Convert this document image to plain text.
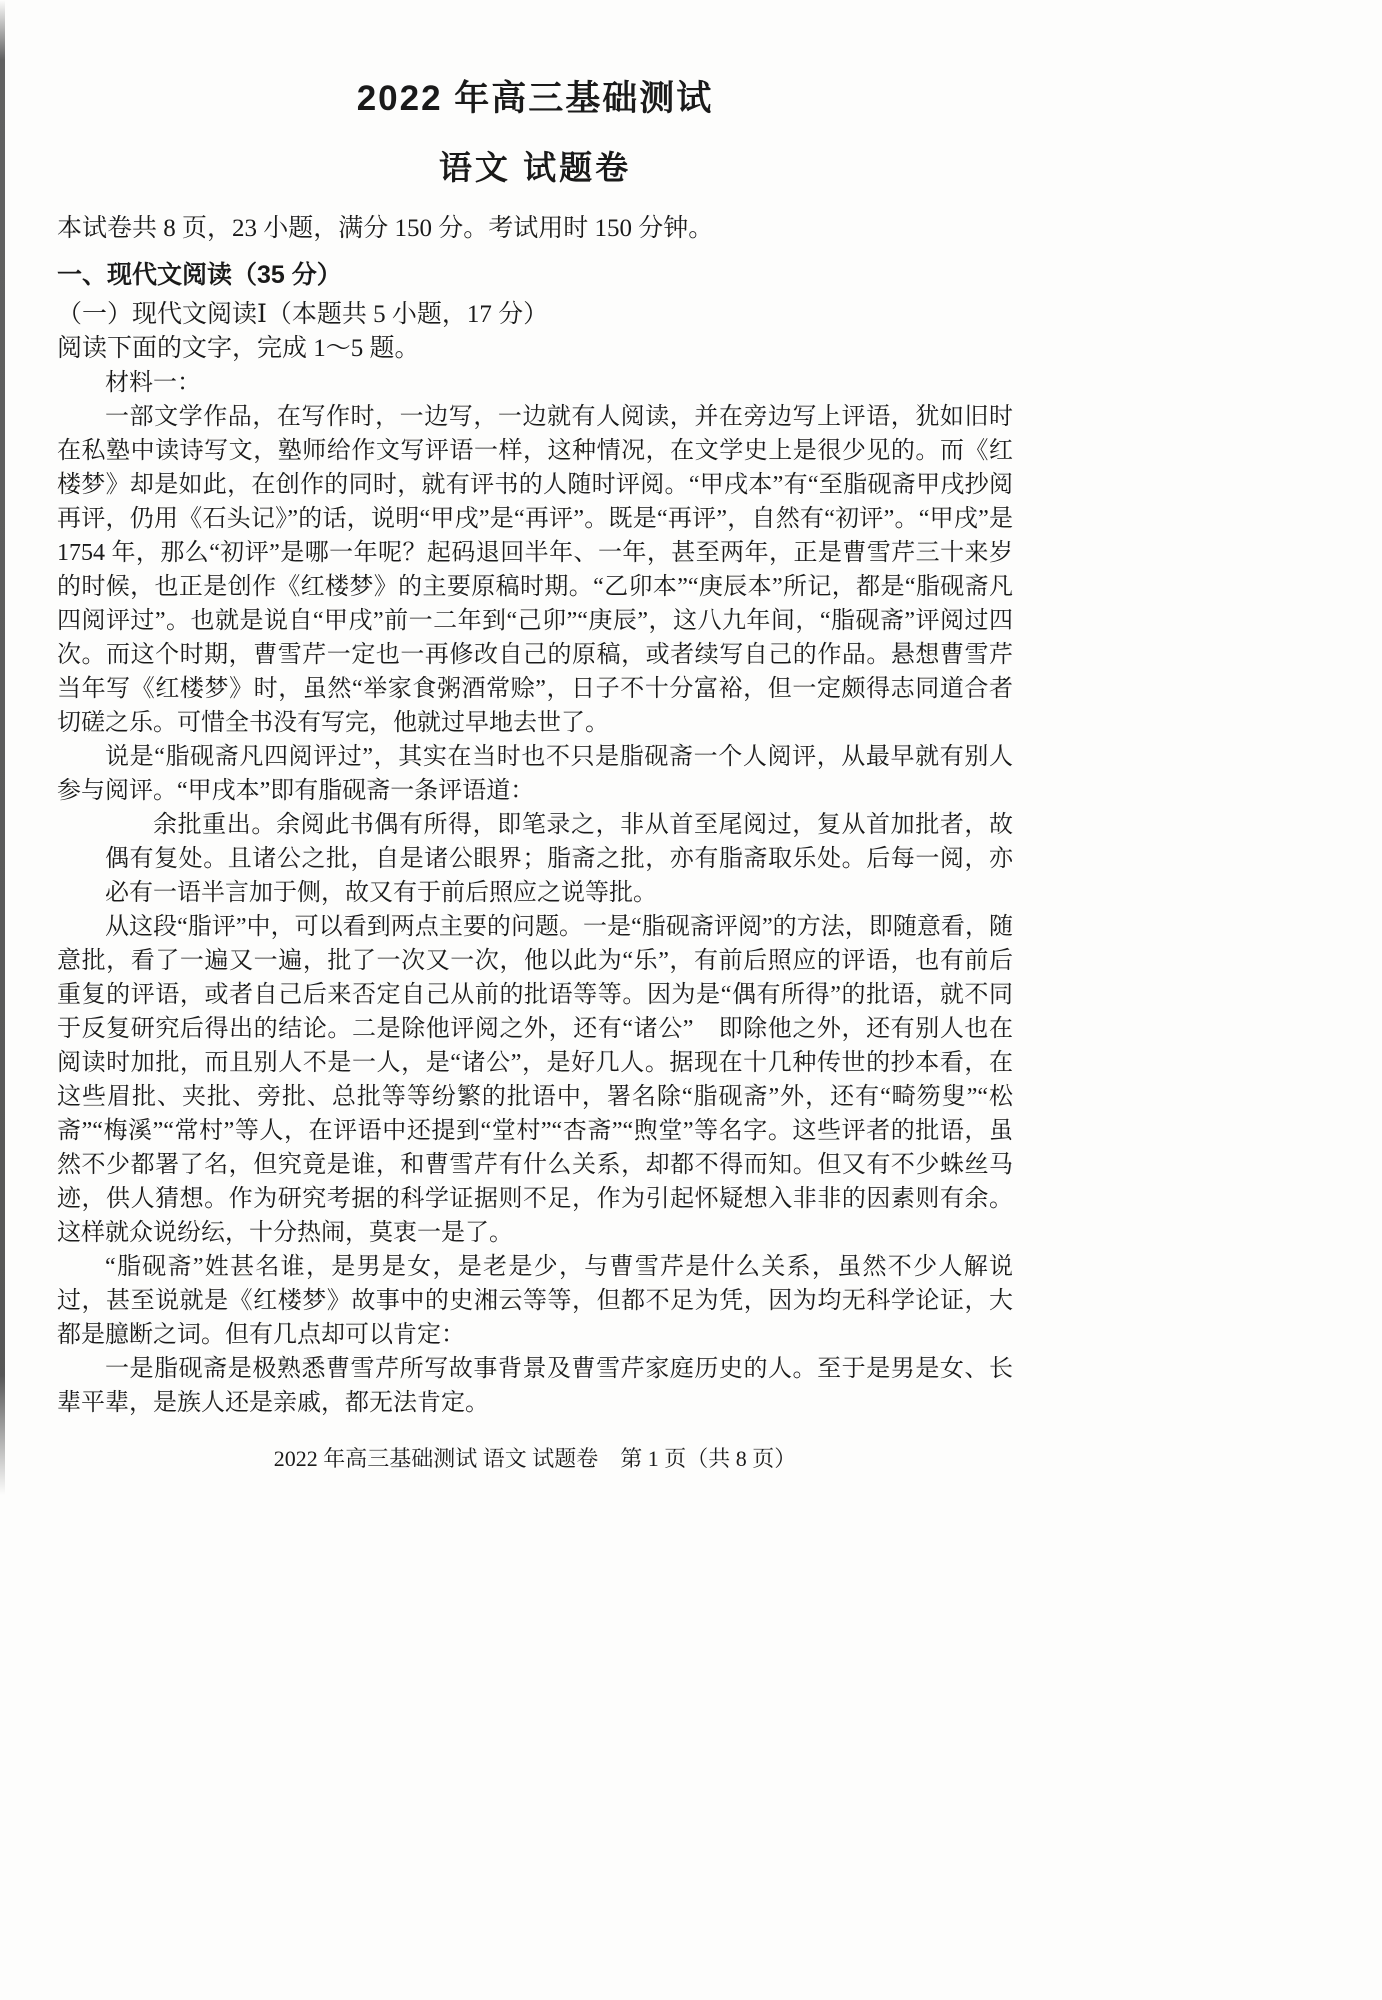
2022 年高三基础测试
语文 试题卷

本试卷共 8 页，23 小题，满分 150 分。考试用时 150 分钟。

一、现代文阅读（35 分）

（一）现代文阅读Ⅰ（本题共 5 小题，17 分）

阅读下面的文字，完成 1～5 题。

材料一：

一部文学作品，在写作时，一边写，一边就有人阅读，并在旁边写上评语，犹如旧时在私塾中读诗写文，塾师给作文写评语一样，这种情况，在文学史上是很少见的。而《红楼梦》却是如此，在创作的同时，就有评书的人随时评阅。“甲戌本”有“至脂砚斋甲戌抄阅再评，仍用《石头记》”的话，说明“甲戌”是“再评”。既是“再评”，自然有“初评”。“甲戌”是 1754 年，那么“初评”是哪一年呢？起码退回半年、一年，甚至两年，正是曹雪芹三十来岁的时候，也正是创作《红楼梦》的主要原稿时期。“乙卯本”“庚辰本”所记，都是“脂砚斋凡四阅评过”。也就是说自“甲戌”前一二年到“己卯”“庚辰”，这八九年间，“脂砚斋”评阅过四次。而这个时期，曹雪芹一定也一再修改自己的原稿，或者续写自己的作品。悬想曹雪芹当年写《红楼梦》时，虽然“举家食粥酒常赊”，日子不十分富裕，但一定颇得志同道合者切磋之乐。可惜全书没有写完，他就过早地去世了。

说是“脂砚斋凡四阅评过”，其实在当时也不只是脂砚斋一个人阅评，从最早就有别人参与阅评。“甲戌本”即有脂砚斋一条评语道：

余批重出。余阅此书偶有所得，即笔录之，非从首至尾阅过，复从首加批者，故偶有复处。且诸公之批，自是诸公眼界；脂斋之批，亦有脂斋取乐处。后每一阅，亦必有一语半言加于侧，故又有于前后照应之说等批。

从这段“脂评”中，可以看到两点主要的问题。一是“脂砚斋评阅”的方法，即随意看，随意批，看了一遍又一遍，批了一次又一次，他以此为“乐”，有前后照应的评语，也有前后重复的评语，或者自己后来否定自己从前的批语等等。因为是“偶有所得”的批语，就不同于反复研究后得出的结论。二是除他评阅之外，还有“诸公”　即除他之外，还有别人也在阅读时加批，而且别人不是一人，是“诸公”，是好几人。据现在十几种传世的抄本看，在这些眉批、夹批、旁批、总批等等纷繁的批语中，署名除“脂砚斋”外，还有“畸笏叟”“松斋”“梅溪”“常村”等人，在评语中还提到“堂村”“杏斋”“煦堂”等名字。这些评者的批语，虽然不少都署了名，但究竟是谁，和曹雪芹有什么关系，却都不得而知。但又有不少蛛丝马迹，供人猜想。作为研究考据的科学证据则不足，作为引起怀疑想入非非的因素则有余。这样就众说纷纭，十分热闹，莫衷一是了。

“脂砚斋”姓甚名谁，是男是女，是老是少，与曹雪芹是什么关系，虽然不少人解说过，甚至说就是《红楼梦》故事中的史湘云等等，但都不足为凭，因为均无科学论证，大都是臆断之词。但有几点却可以肯定：

一是脂砚斋是极熟悉曹雪芹所写故事背景及曹雪芹家庭历史的人。至于是男是女、长辈平辈，是族人还是亲戚，都无法肯定。

2022 年高三基础测试 语文 试题卷　第 1 页（共 8 页）
